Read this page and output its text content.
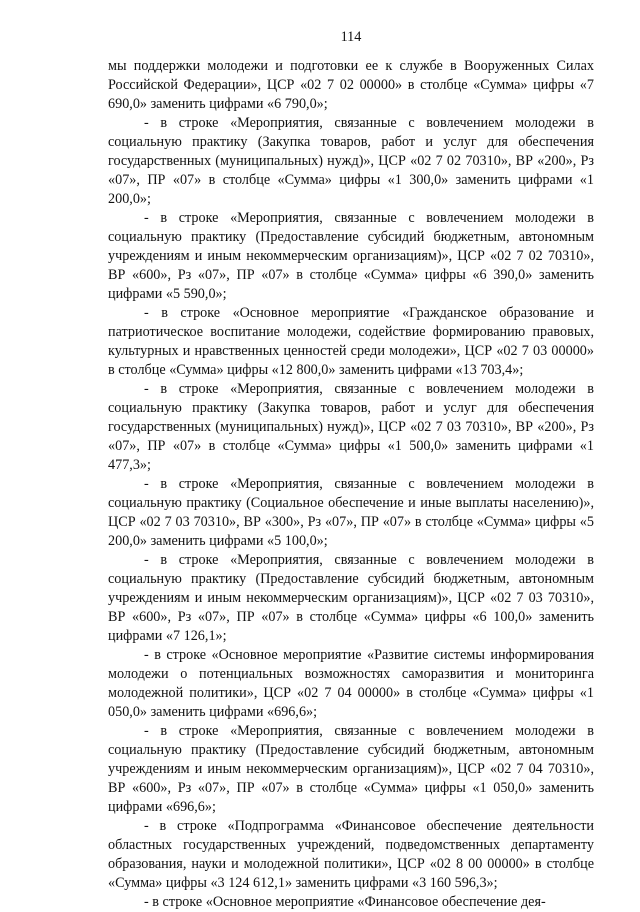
114

мы поддержки молодежи и подготовки ее к службе в Вооруженных Силах Российской Федерации», ЦСР «02 7 02 00000» в столбце «Сумма» цифры «7 690,0» заменить цифрами «6 790,0»;

- в строке «Мероприятия, связанные с вовлечением молодежи в социальную практику (Закупка товаров, работ и услуг для обеспечения государственных (муниципальных) нужд)», ЦСР «02 7 02 70310», ВР «200», Рз «07», ПР «07» в столбце «Сумма» цифры «1 300,0» заменить цифрами «1 200,0»;

- в строке «Мероприятия, связанные с вовлечением молодежи в социальную практику (Предоставление субсидий бюджетным, автономным учреждениям и иным некоммерческим организациям)», ЦСР «02 7 02 70310», ВР «600», Рз «07», ПР «07» в столбце «Сумма» цифры «6 390,0» заменить цифрами «5 590,0»;

- в строке «Основное мероприятие «Гражданское образование и патриотическое воспитание молодежи, содействие формированию правовых, культурных и нравственных ценностей среди молодежи», ЦСР «02 7 03 00000» в столбце «Сумма» цифры «12 800,0» заменить цифрами «13 703,4»;

- в строке «Мероприятия, связанные с вовлечением молодежи в социальную практику (Закупка товаров, работ и услуг для обеспечения государственных (муниципальных) нужд)», ЦСР «02 7 03 70310», ВР «200», Рз «07», ПР «07» в столбце «Сумма» цифры «1 500,0» заменить цифрами «1 477,3»;

- в строке «Мероприятия, связанные с вовлечением молодежи в социальную практику (Социальное обеспечение и иные выплаты населению)», ЦСР «02 7 03 70310», ВР «300», Рз «07», ПР «07» в столбце «Сумма» цифры «5 200,0» заменить цифрами «5 100,0»;

- в строке «Мероприятия, связанные с вовлечением молодежи в социальную практику (Предоставление субсидий бюджетным, автономным учреждениям и иным некоммерческим организациям)», ЦСР «02 7 03 70310», ВР «600», Рз «07», ПР «07» в столбце «Сумма» цифры «6 100,0» заменить цифрами «7 126,1»;

- в строке «Основное мероприятие «Развитие системы информирования молодежи о потенциальных возможностях саморазвития и мониторинга молодежной политики», ЦСР «02 7 04 00000» в столбце «Сумма» цифры «1 050,0» заменить цифрами «696,6»;

- в строке «Мероприятия, связанные с вовлечением молодежи в социальную практику (Предоставление субсидий бюджетным, автономным учреждениям и иным некоммерческим организациям)», ЦСР «02 7 04 70310», ВР «600», Рз «07», ПР «07» в столбце «Сумма» цифры «1 050,0» заменить цифрами «696,6»;

- в строке «Подпрограмма «Финансовое обеспечение деятельности областных государственных учреждений, подведомственных департаменту образования, науки и молодежной политики», ЦСР «02 8 00 00000» в столбце «Сумма» цифры «3 124 612,1» заменить цифрами «3 160 596,3»;

- в строке «Основное мероприятие «Финансовое обеспечение дея-
